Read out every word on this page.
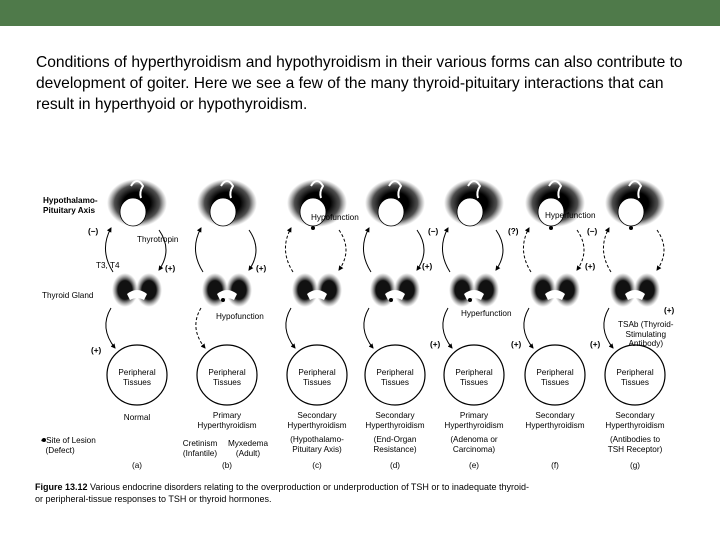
Conditions of hyperthyroidism and hypothyroidism in their various forms can also contribute to development of goiter. Here we see a few of the many thyroid-pituitary interactions that can result in hyperthyoid or hypothyroidism.

Hypothalamo-
Pituitary Axis
(−)
T3, T4
Thyroid Gland
(+)
• Site of Lesion
(Defect)
Thyrotropin
Hypofunction	Hyperfunction
Hypofunction	Hyperfunction
TSAb (Thyroid-
Stimulating
Antibody)
(+)	(+)
(−)
(+)
(?)	(−)
(+)	(+)	(+)
(+)
(+)
Peripheral
Tissues
Normal
(a)
Peripheral
Tissues
Primary
Hyperthyroidism
Cretinism
(Infantile)
Myxedema
(Adult)
(b)
Peripheral
Tissues
Secondary
Hyperthyroidism
(Hypothalamo-
Pituitary Axis)
(c)
Peripheral
Tissues
Secondary
Hyperthyroidism
(End-Organ
Resistance)
(d)
Peripheral
Tissues
Primary
Hyperthyroidism
(Adenoma or
Carcinoma)
(e)
Peripheral
Tissues
Secondary
Hyperthyroidism
(f)
Peripheral
Tissues
Secondary
Hyperthyroidism
(Antibodies to
TSH Receptor)
(g)
Figure 13.12 Various endocrine disorders relating to the overproduction or underproduction of TSH or to inadequate thyroid-
or peripheral-tissue responses to TSH or thyroid hormones.
